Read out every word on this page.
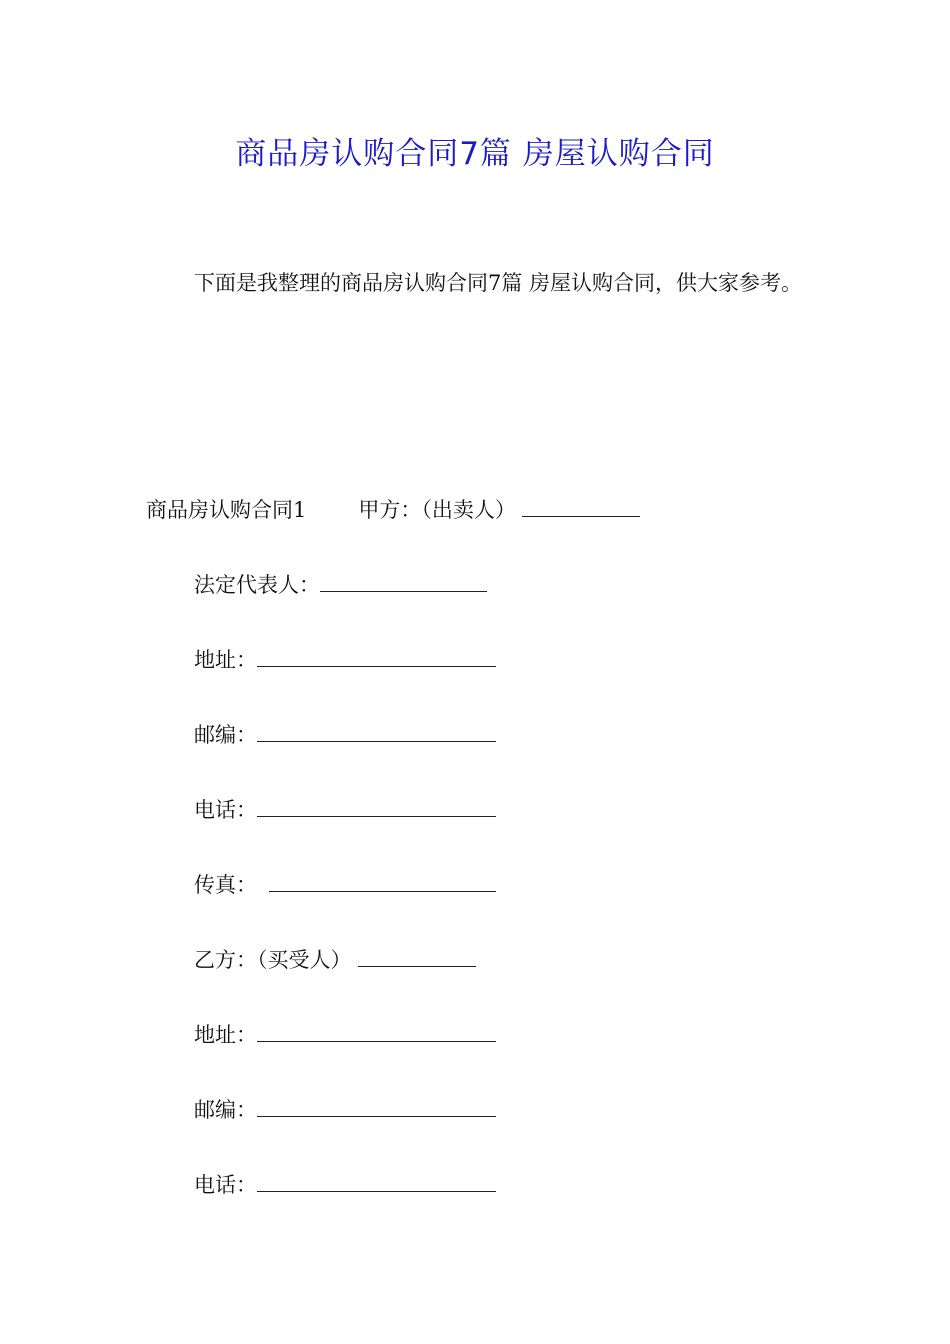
商品房认购合同7篇 房屋认购合同

下面是我整理的商品房认购合同7篇 房屋认购合同，供大家参考。

商品房认购合同1 甲方：（出卖人）
法定代表人：
地址：
邮编：
电话：
传真：
乙方：（买受人）
地址：
邮编：
电话：
